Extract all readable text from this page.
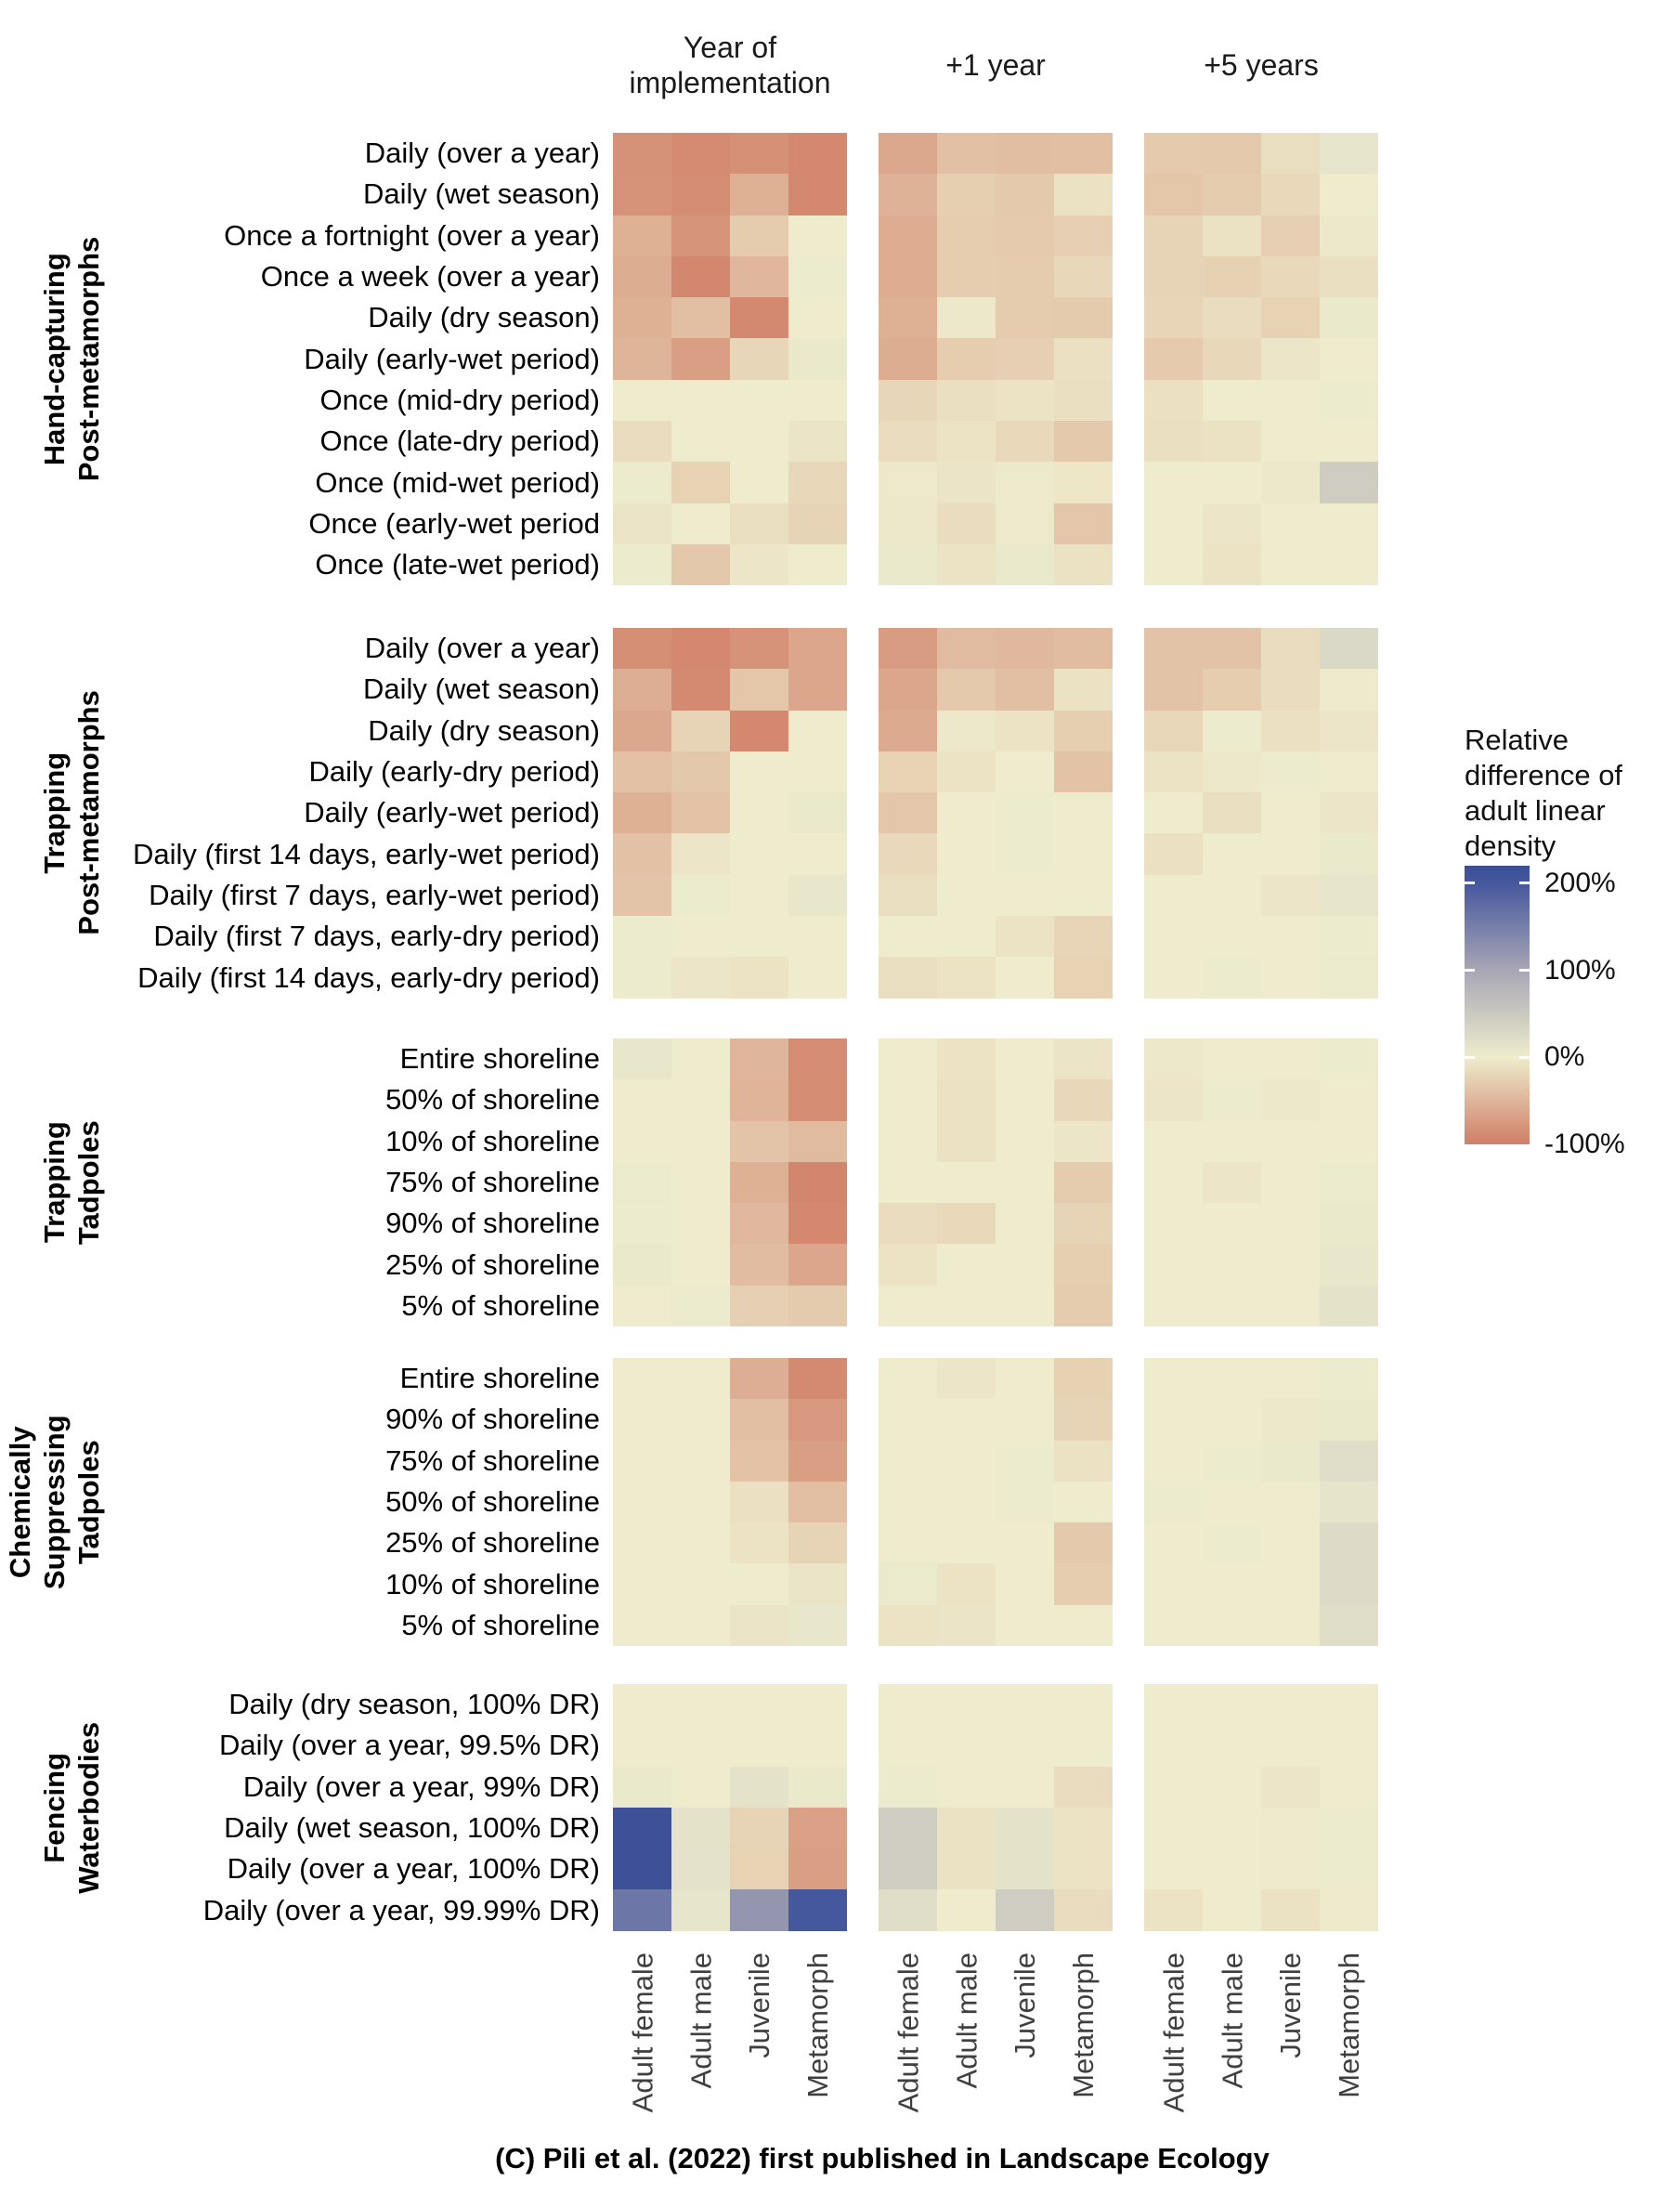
Year of implementation
+1 year	+5 years
Hand-capturing Post-metamorphs
Daily (over a year)
Daily (wet season)
Once a fortnight (over a year)
Once a week (over a year)
Daily (dry season)
Daily (early-wet period)
Once (mid-dry period)
Once (late-dry period)
Once (mid-wet period)
Once (early-wet period
Once (late-wet period)
Trapping Post-metamorphs
Daily (over a year)
Daily (wet season)
Daily (dry season)
Daily (early-dry period)
Daily (early-wet period)
Daily (first 14 days, early-wet period)
Daily (first 7 days, early-wet period)
Daily (first 7 days, early-dry period)
Daily (first 14 days, early-dry period)
Trapping Tadpoles
Entire shoreline
50% of shoreline
10% of shoreline
75% of shoreline
90% of shoreline
25% of shoreline
5% of shoreline
Chemically Suppressing Tadpoles
Entire shoreline
90% of shoreline
75% of shoreline
50% of shoreline
25% of shoreline
10% of shoreline
5% of shoreline
Fencing Waterbodies
Daily (dry season, 100% DR)
Daily (over a year, 99.5% DR)
Daily (over a year, 99% DR)
Daily (wet season, 100% DR)
Daily (over a year, 100% DR)
Daily (over a year, 99.99% DR)
Adult female Adult male Juvenile Metamorph Adult female Adult male Juvenile Metamorph Adult female Adult male Juvenile Metamorph
Relative difference of adult linear density
200%
100%
0%
-100%
(C) Pili et al. (2022) first published in Landscape Ecology
